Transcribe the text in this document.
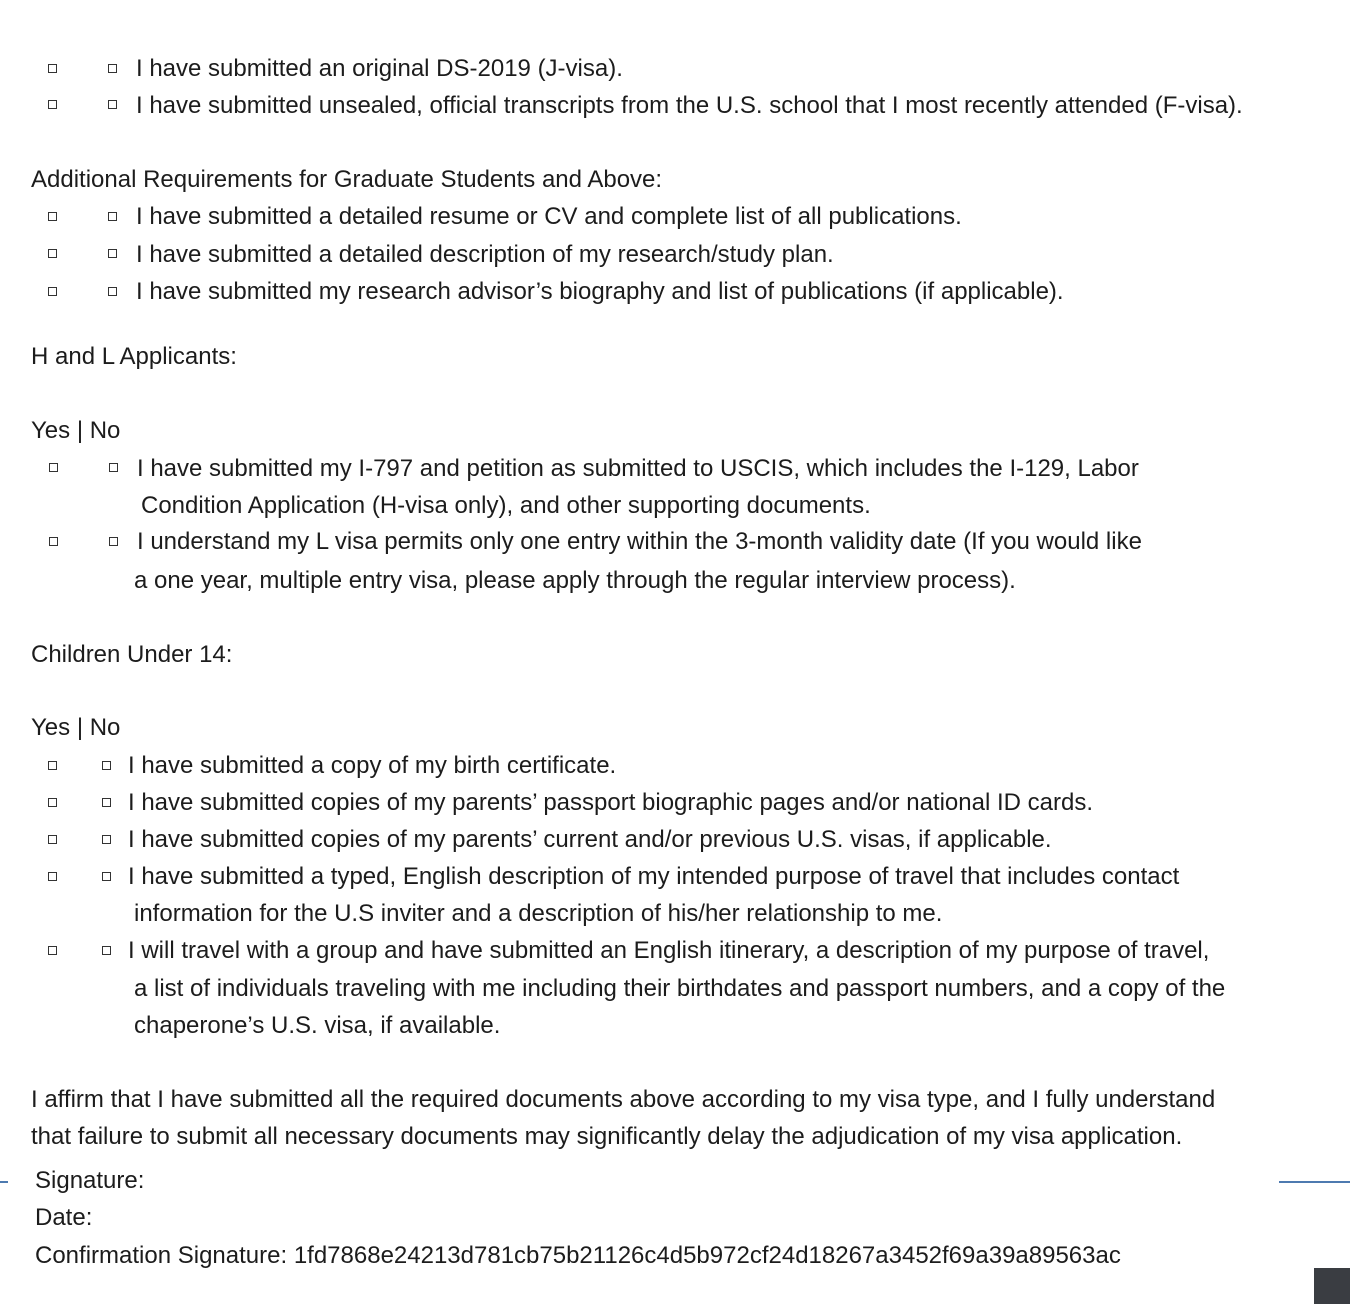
I have submitted an original DS-2019 (J-visa).
I have submitted unsealed, official transcripts from the U.S. school that I most recently attended (F-visa).
Additional Requirements for Graduate Students and Above:
I have submitted a detailed resume or CV and complete list of all publications.
I have submitted a detailed description of my research/study plan.
I have submitted my research advisor’s biography and list of publications (if applicable).
H and L Applicants:
Yes | No
I have submitted my I-797 and petition as submitted to USCIS, which includes the I-129, Labor
Condition Application (H-visa only), and other supporting documents.
I understand my L visa permits only one entry within the 3-month validity date (If you would like
a one year, multiple entry visa, please apply through the regular interview process).
Children Under 14:
Yes | No
I have submitted a copy of my birth certificate.
I have submitted copies of my parents’ passport biographic pages and/or national ID cards.
I have submitted copies of my parents’ current and/or previous U.S. visas, if applicable.
I have submitted a typed, English description of my intended purpose of travel that includes contact
information for the U.S inviter and a description of his/her relationship to me.
I will travel with a group and have submitted an English itinerary, a description of my purpose of travel,
a list of individuals traveling with me including their birthdates and passport numbers, and a copy of the
chaperone’s U.S. visa, if available.
I affirm that I have submitted all the required documents above according to my visa type, and I fully understand
that failure to submit all necessary documents may significantly delay the adjudication of my visa application.
Signature:
Date:
Confirmation Signature: 1fd7868e24213d781cb75b21126c4d5b972cf24d18267a3452f69a39a89563ac
